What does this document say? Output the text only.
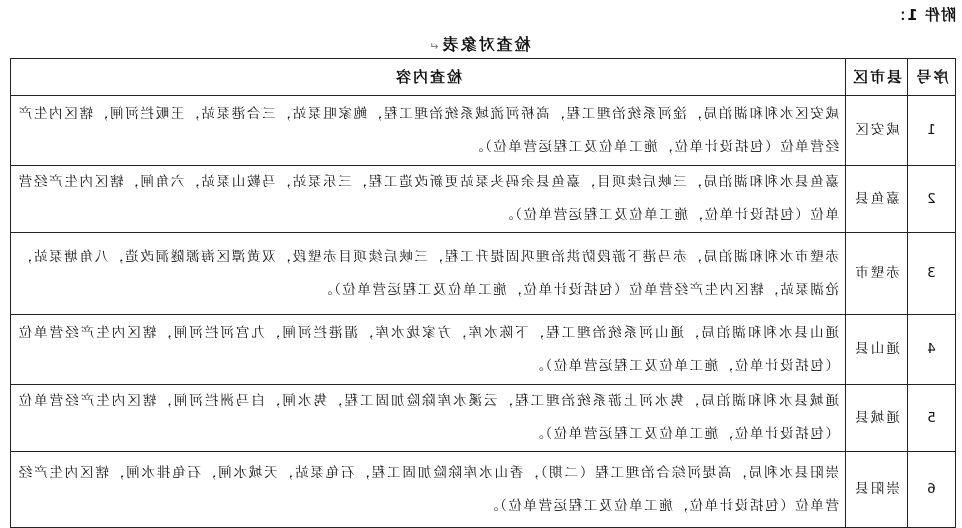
附件 1：
检查对象表↵
序号	县市区	检查内容
1	咸安区	咸安区水利和湖泊局，淦河系统治理工程，高桥河流域系统治理工程，鲍家咀泵站，三合港泵站，王畈拦河闸，辖区内生产经营单位（包括设计单位，施工单位及工程运营单位）。
2	嘉鱼县	嘉鱼县水利和湖泊局，三峡后续项目，嘉鱼县余码头泵站更新改造工程，三乐泵站，马鞍山泵站，六角闸，辖区内生产经营单位（包括设计单位，施工单位及工程运营单位）。
3	赤壁市	赤壁市水利和湖泊局，赤马港下游段防洪治理巩固提升工程，三峡后续项目赤壁段，双黄潭区海源隧洞改造，八角塘泵站，沧湖泵站，辖区内生产经营单位（包括设计单位，施工单位及工程运营单位）。
4	通山县	通山县水利和湖泊局，通山河系统治理工程，下陈水库，方家垅水库，湄港拦河闸，九宫河拦河闸，辖区内生产经营单位（包括设计单位，施工单位及工程运营单位）。
5	通城县	通城县水利和湖泊局，隽水河上游系统治理工程，云溪水库除险加固工程，隽水闸，白马洲拦河闸，辖区内生产经营单位（包括设计单位，施工单位及工程运营单位）。
6	崇阳县	崇阳县水利局，高堤河综合治理工程（二期），香山水库除险加固工程，石龟泵站，天城水闸，石龟排水闸，辖区内生产经营单位（包括设计单位，施工单位及工程运营单位）。
